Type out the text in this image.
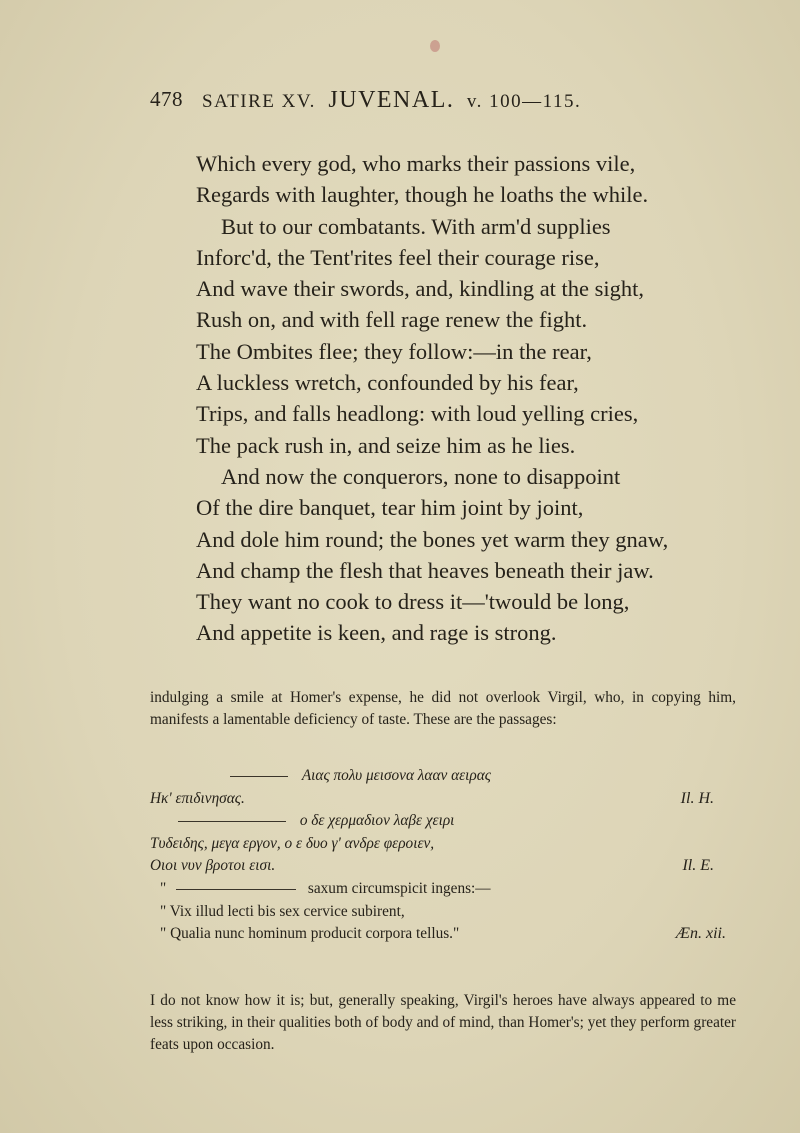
478 SATIRE XV. JUVENAL. v. 100—115.
Which every god, who marks their passions vile,
Regards with laughter, though he loaths the while.
But to our combatants. With arm'd supplies
Inforc'd, the Tent'rites feel their courage rise,
And wave their swords, and, kindling at the sight,
Rush on, and with fell rage renew the fight.
The Ombites flee; they follow:—in the rear,
A luckless wretch, confounded by his fear,
Trips, and falls headlong: with loud yelling cries,
The pack rush in, and seize him as he lies.
And now the conquerors, none to disappoint
Of the dire banquet, tear him joint by joint,
And dole him round; the bones yet warm they gnaw,
And champ the flesh that heaves beneath their jaw.
They want no cook to dress it—'twould be long,
And appetite is keen, and rage is strong.

indulging a smile at Homer's expense, he did not overlook Virgil, who, in copying him, manifests a lamentable deficiency of taste. These are the passages:

Αιας πολυ μεισονα λααν αειρας
Ηκ' επιδινησας.	Il. H.
ο δε χερμαδιον λαβε χειρι
Τυδειδης, μεγα εργον, ο ε δυο γ' ανδρε φεροιεν,
Οιοι νυν βροτοι εισι.	Il. E.
"	saxum circumspicit ingens:—
" Vix illud lecti bis sex cervice subirent,
" Qualia nunc hominum producit corpora tellus."	Æn. xii.

I do not know how it is; but, generally speaking, Virgil's heroes have always appeared to me less striking, in their qualities both of body and of mind, than Homer's; yet they perform greater feats upon occasion.
